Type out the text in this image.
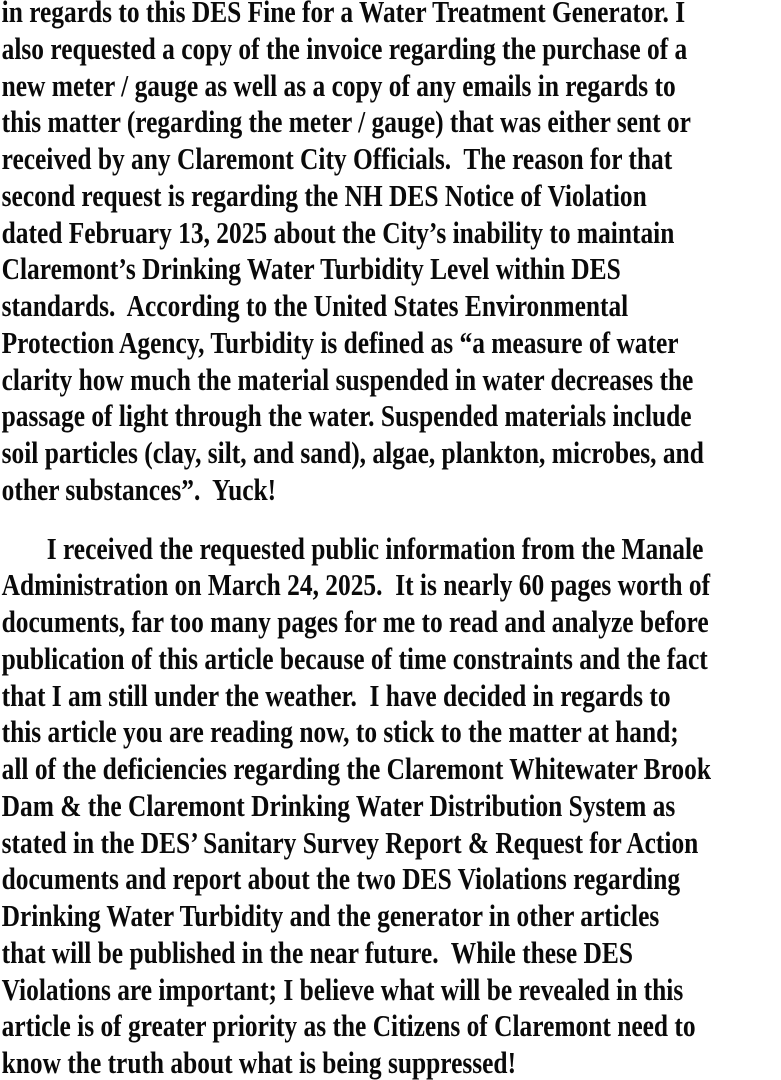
in regards to this DES Fine for a Water Treatment Generator. I
also requested a copy of the invoice regarding the purchase of a
new meter / gauge as well as a copy of any emails in regards to
this matter (regarding the meter / gauge) that was either sent or
received by any Claremont City Officials.  The reason for that
second request is regarding the NH DES Notice of Violation
dated February 13, 2025 about the City’s inability to maintain
Claremont’s Drinking Water Turbidity Level within DES
standards.  According to the United States Environmental
Protection Agency, Turbidity is defined as “a measure of water
clarity how much the material suspended in water decreases the
passage of light through the water. Suspended materials include
soil particles (clay, silt, and sand), algae, plankton, microbes, and
other substances”.  Yuck!
I received the requested public information from the Manale
Administration on March 24, 2025.  It is nearly 60 pages worth of
documents, far too many pages for me to read and analyze before
publication of this article because of time constraints and the fact
that I am still under the weather.  I have decided in regards to
this article you are reading now, to stick to the matter at hand;
all of the deficiencies regarding the Claremont Whitewater Brook
Dam & the Claremont Drinking Water Distribution System as
stated in the DES’ Sanitary Survey Report & Request for Action
documents and report about the two DES Violations regarding
Drinking Water Turbidity and the generator in other articles
that will be published in the near future.  While these DES
Violations are important; I believe what will be revealed in this
article is of greater priority as the Citizens of Claremont need to
know the truth about what is being suppressed!
